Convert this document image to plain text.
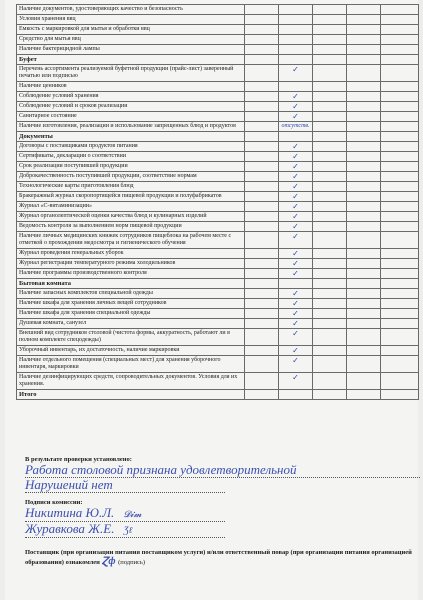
Наличие документов, удостоверяющих качество и безопасность					
Условия хранения ввц					
Емкость с маркировкой для мытья и обработки ввц					
Средство для мытья ввц					
Наличие бактерицидной лампы					
Буфет					
Перечень ассортимента реализуемой буфетной продукции (прайс-лист) заверенный печатью или подписью		✓			
Наличие ценников					
Соблюдение условий хранения		✓			
Соблюдение условий и сроков реализации		✓			
Санитарное состояние		✓			
Наличие изготовления, реализации и использование запрещенных блюд и продуктов		отсутств.			
Документы					
Договоры с поставщиками продуктов питания		✓			
Сертификаты, декларации о соответствии		✓			
Срок реализации поступившей продукции		✓			
Доброкачественность поступившей продукции, соответствие нормам		✓			
Технологические карты приготовления блюд		✓			
Бракеражный журнал скоропортящейся пищевой продукции и полуфабрикатов		✓			
Журнал «С-витаминизации»		✓			
Журнал органолептической оценки качества блюд и кулинарных изделий		✓			
Ведомость контроля за выполнением норм пищевой продукции		✓			
Наличие личных медицинских книжек сотрудников пищеблока на рабочем месте с отметкой о прохождении медосмотра и гигиенического обучения		✓			
Журнал проведения генеральных уборок		✓			
Журнал регистрации температурного режима холодильников		✓			
Наличие программы производственного контроля		✓			
Бытовая комната					
Наличие запасных комплектов специальной одежды		✓			
Наличие шкафа для хранения личных вещей сотрудников		✓			
Наличие шкафа для хранения специальной одежды		✓			
Душевая комната, санузел		✓			
Внешний вид сотрудников столовой (чистота формы, аккуратность, работают ли в полном комплекте спецодежды)		✓			
Уборочный инвентарь, их достаточность, наличие маркировки		✓			
Наличие отдельного помещения (специальных мест) для хранения уборочного инвентаря, маркировки		✓			
Наличие дезинфицирующих средств, сопроводительных документов. Условия для их хранения.		✓			
Итого					
В результате проверки установлено:
Работа столовой признана удовлетворительной
Нарушений нет
Подписи комиссии:
Никитина Ю.Л. 𝓓𝓲𝓶
Журавкова Ж.Е. Ʒℓ
Поставщик (при организации питания поставщиком услуги) и/или ответственный повар (при организации питания организацией образования) ознакомлен Ɀф (подпись)
